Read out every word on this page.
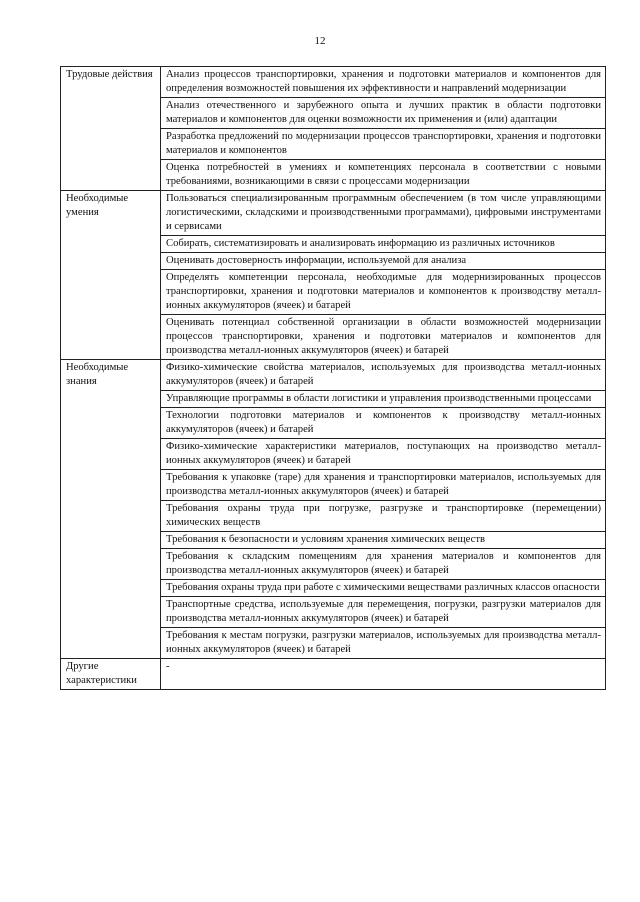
12
Трудовые действия	Анализ процессов транспортировки, хранения и подготовки материалов и компонентов для определения возможностей повышения их эффективности и направлений модернизации
	Анализ отечественного и зарубежного опыта и лучших практик в области подготовки материалов и компонентов для оценки возможности их применения и (или) адаптации
	Разработка предложений по модернизации процессов транспортировки, хранения и подготовки материалов и компонентов
	Оценка потребностей в умениях и компетенциях персонала в соответствии с новыми требованиями, возникающими в связи с процессами модернизации
Необходимые умения	Пользоваться специализированным программным обеспечением (в том числе управляющими логистическими, складскими и производственными программами), цифровыми инструментами и сервисами
	Собирать, систематизировать и анализировать информацию из различных источников
	Оценивать достоверность информации, используемой для анализа
	Определять компетенции персонала, необходимые для модернизированных процессов транспортировки, хранения и подготовки материалов и компонентов к производству металл-ионных аккумуляторов (ячеек) и батарей
	Оценивать потенциал собственной организации в области возможностей модернизации процессов транспортировки, хранения и подготовки материалов и компонентов для производства металл-ионных аккумуляторов (ячеек) и батарей
Необходимые знания	Физико-химические свойства материалов, используемых для производства металл-ионных аккумуляторов (ячеек) и батарей
	Управляющие программы в области логистики и управления производственными процессами
	Технологии подготовки материалов и компонентов к производству металл-ионных аккумуляторов (ячеек) и батарей
	Физико-химические характеристики материалов, поступающих на производство металл-ионных аккумуляторов (ячеек) и батарей
	Требования к упаковке (таре) для хранения и транспортировки материалов, используемых для производства металл-ионных аккумуляторов (ячеек) и батарей
	Требования охраны труда при погрузке, разгрузке и транспортировке (перемещении) химических веществ
	Требования к безопасности и условиям хранения химических веществ
	Требования к складским помещениям для хранения материалов и компонентов для производства металл-ионных аккумуляторов (ячеек) и батарей
	Требования охраны труда при работе с химическими веществами различных классов опасности
	Транспортные средства, используемые для перемещения, погрузки, разгрузки материалов для производства металл-ионных аккумуляторов (ячеек) и батарей
	Требования к местам погрузки, разгрузки материалов, используемых для производства металл-ионных аккумуляторов (ячеек) и батарей
Другие характеристики	-
